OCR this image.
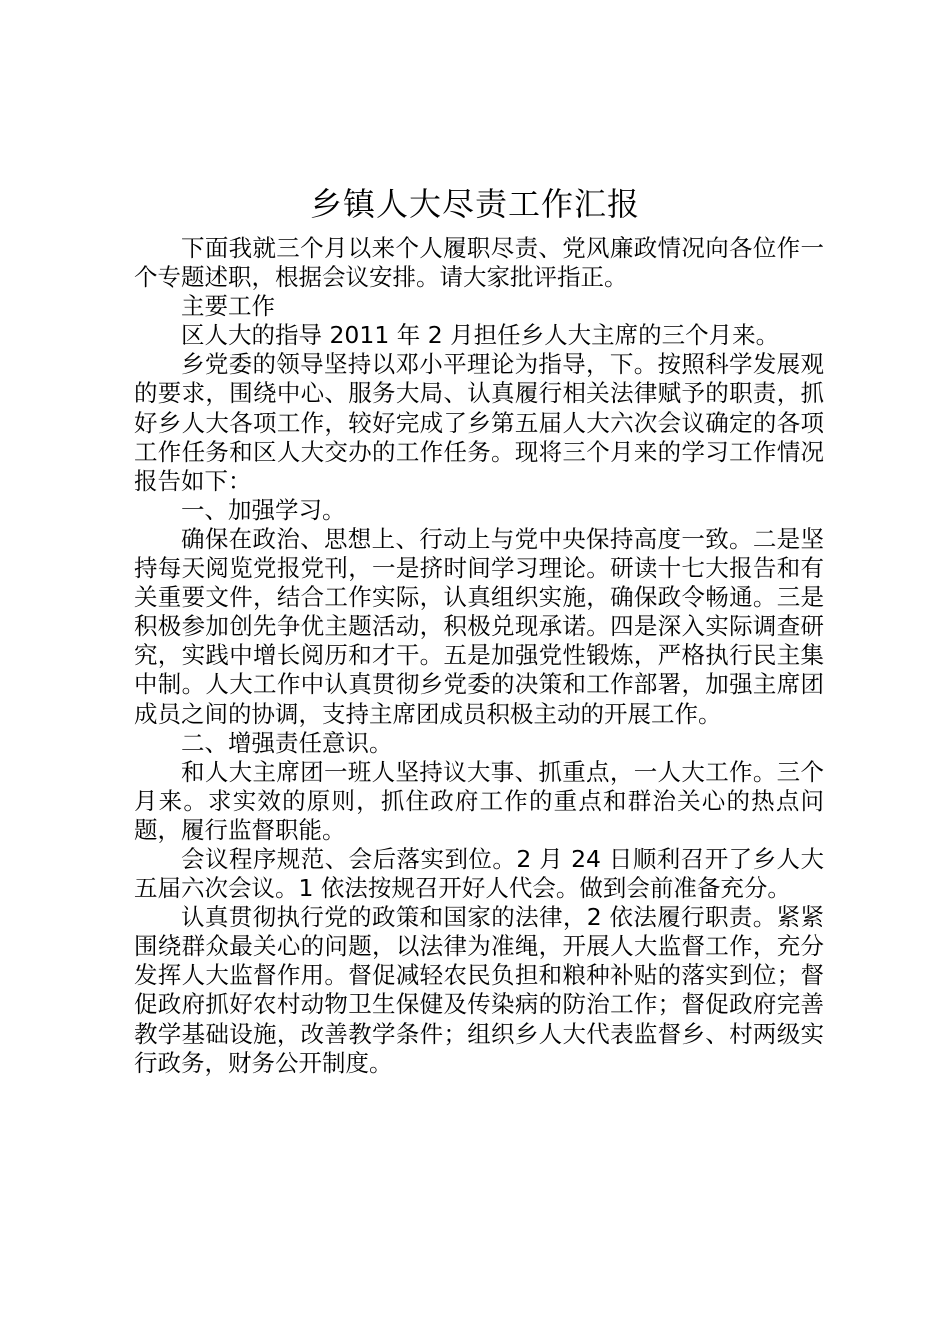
乡镇人大尽责工作汇报

下面我就三个月以来个人履职尽责、党风廉政情况向各位作一个专题述职，根据会议安排。请大家批评指正。

主要工作

区人大的指导 2011 年 2 月担任乡人大主席的三个月来。

乡党委的领导坚持以邓小平理论为指导，下。按照科学发展观的要求，围绕中心、服务大局、认真履行相关法律赋予的职责，抓好乡人大各项工作，较好完成了乡第五届人大六次会议确定的各项工作任务和区人大交办的工作任务。现将三个月来的学习工作情况报告如下：

一、加强学习。

确保在政治、思想上、行动上与党中央保持高度一致。二是坚持每天阅览党报党刊，一是挤时间学习理论。研读十七大报告和有关重要文件，结合工作实际，认真组织实施，确保政令畅通。三是积极参加创先争优主题活动，积极兑现承诺。四是深入实际调查研究，实践中增长阅历和才干。五是加强党性锻炼，严格执行民主集中制。人大工作中认真贯彻乡党委的决策和工作部署，加强主席团成员之间的协调，支持主席团成员积极主动的开展工作。

二、增强责任意识。

和人大主席团一班人坚持议大事、抓重点，一人大工作。三个月来。求实效的原则，抓住政府工作的重点和群治关心的热点问题，履行监督职能。

会议程序规范、会后落实到位。2 月 24 日顺利召开了乡人大五届六次会议。1 依法按规召开好人代会。做到会前准备充分。

认真贯彻执行党的政策和国家的法律，2 依法履行职责。紧紧围绕群众最关心的问题，以法律为准绳，开展人大监督工作，充分发挥人大监督作用。督促减轻农民负担和粮种补贴的落实到位；督促政府抓好农村动物卫生保健及传染病的防治工作；督促政府完善教学基础设施，改善教学条件；组织乡人大代表监督乡、村两级实行政务，财务公开制度。
